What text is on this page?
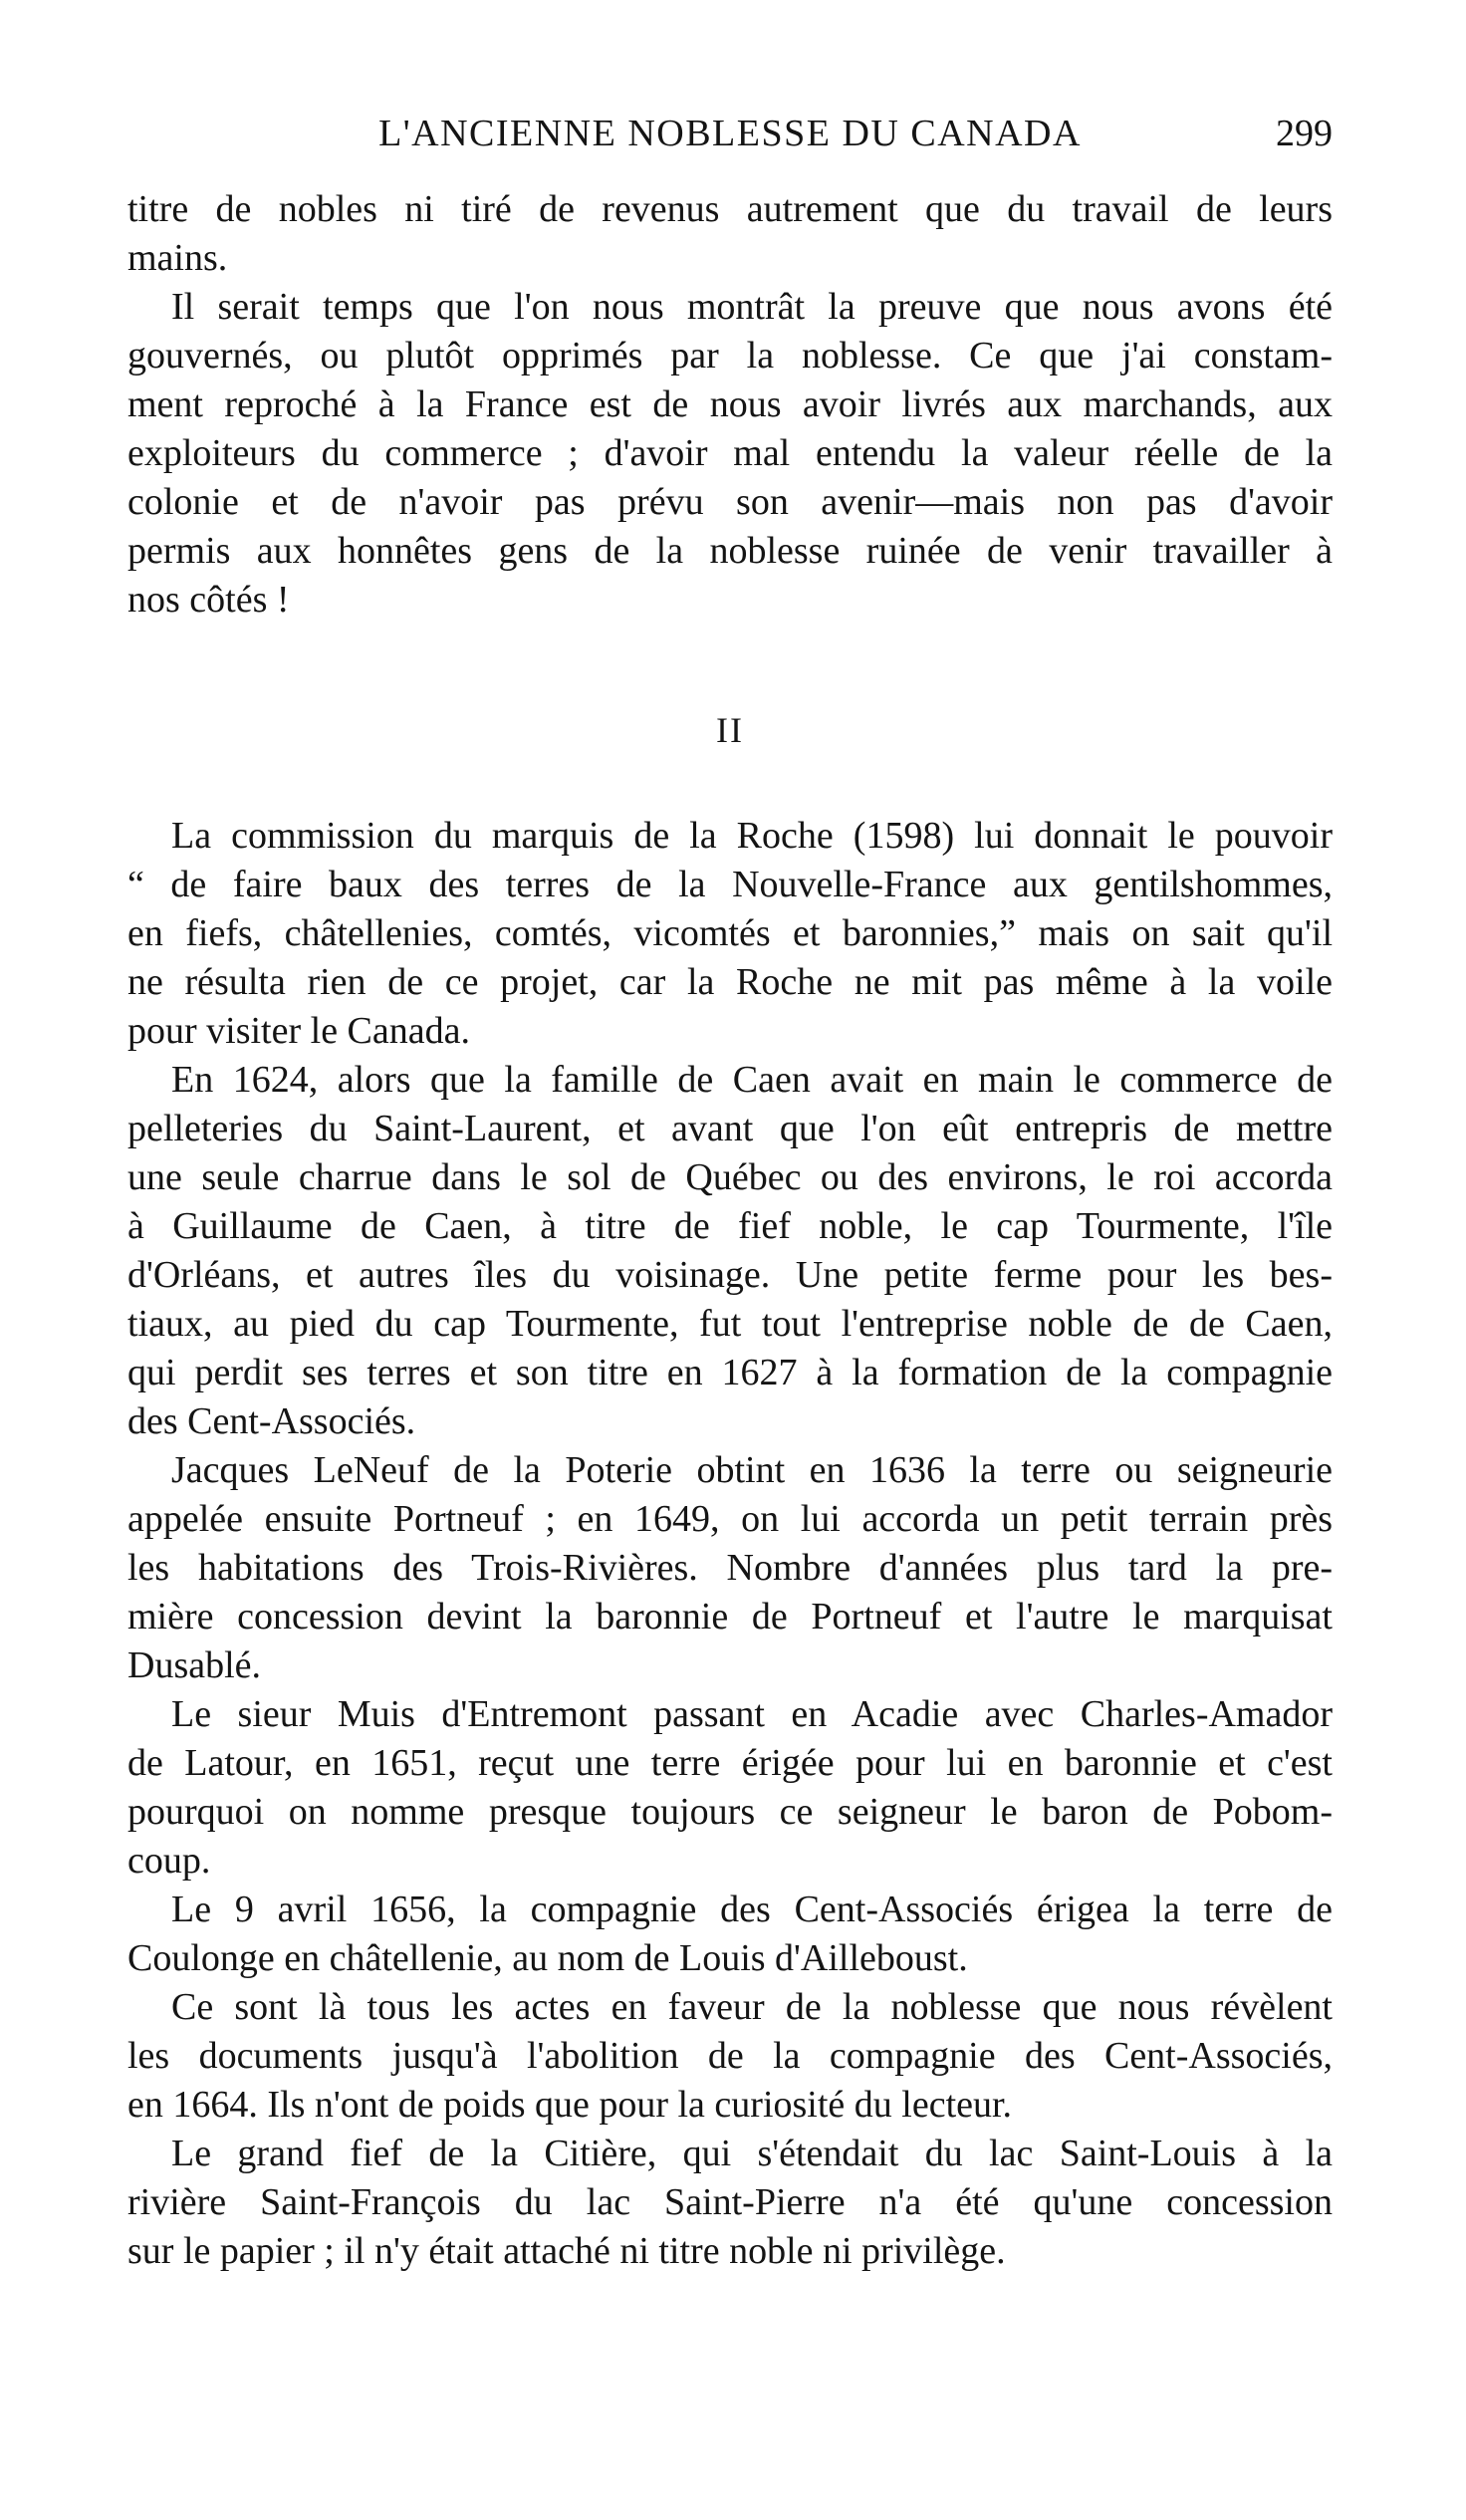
L'ANCIENNE NOBLESSE DU CANADA	299
titre de nobles ni tiré de revenus autrement que du travail de leurs
mains.
Il serait temps que l'on nous montrât la preuve que nous avons été
gouvernés, ou plutôt opprimés par la noblesse. Ce que j'ai constam-
ment reproché à la France est de nous avoir livrés aux marchands, aux
exploiteurs du commerce ; d'avoir mal entendu la valeur réelle de la
colonie et de n'avoir pas prévu son avenir—mais non pas d'avoir
permis aux honnêtes gens de la noblesse ruinée de venir travailler à
nos côtés !
II
La commission du marquis de la Roche (1598) lui donnait le pouvoir
“ de faire baux des terres de la Nouvelle-France aux gentilshommes,
en fiefs, châtellenies, comtés, vicomtés et baronnies,” mais on sait qu'il
ne résulta rien de ce projet, car la Roche ne mit pas même à la voile
pour visiter le Canada.
En 1624, alors que la famille de Caen avait en main le commerce de
pelleteries du Saint-Laurent, et avant que l'on eût entrepris de mettre
une seule charrue dans le sol de Québec ou des environs, le roi accorda
à Guillaume de Caen, à titre de fief noble, le cap Tourmente, l'île
d'Orléans, et autres îles du voisinage. Une petite ferme pour les bes-
tiaux, au pied du cap Tourmente, fut tout l'entreprise noble de de Caen,
qui perdit ses terres et son titre en 1627 à la formation de la compagnie
des Cent-Associés.
Jacques LeNeuf de la Poterie obtint en 1636 la terre ou seigneurie
appelée ensuite Portneuf ; en 1649, on lui accorda un petit terrain près
les habitations des Trois-Rivières. Nombre d'années plus tard la pre-
mière concession devint la baronnie de Portneuf et l'autre le marquisat
Dusablé.
Le sieur Muis d'Entremont passant en Acadie avec Charles-Amador
de Latour, en 1651, reçut une terre érigée pour lui en baronnie et c'est
pourquoi on nomme presque toujours ce seigneur le baron de Pobom-
coup.
Le 9 avril 1656, la compagnie des Cent-Associés érigea la terre de
Coulonge en châtellenie, au nom de Louis d'Ailleboust.
Ce sont là tous les actes en faveur de la noblesse que nous révèlent
les documents jusqu'à l'abolition de la compagnie des Cent-Associés,
en 1664. Ils n'ont de poids que pour la curiosité du lecteur.
Le grand fief de la Citière, qui s'étendait du lac Saint-Louis à la
rivière Saint-François du lac Saint-Pierre n'a été qu'une concession
sur le papier ; il n'y était attaché ni titre noble ni privilège.
